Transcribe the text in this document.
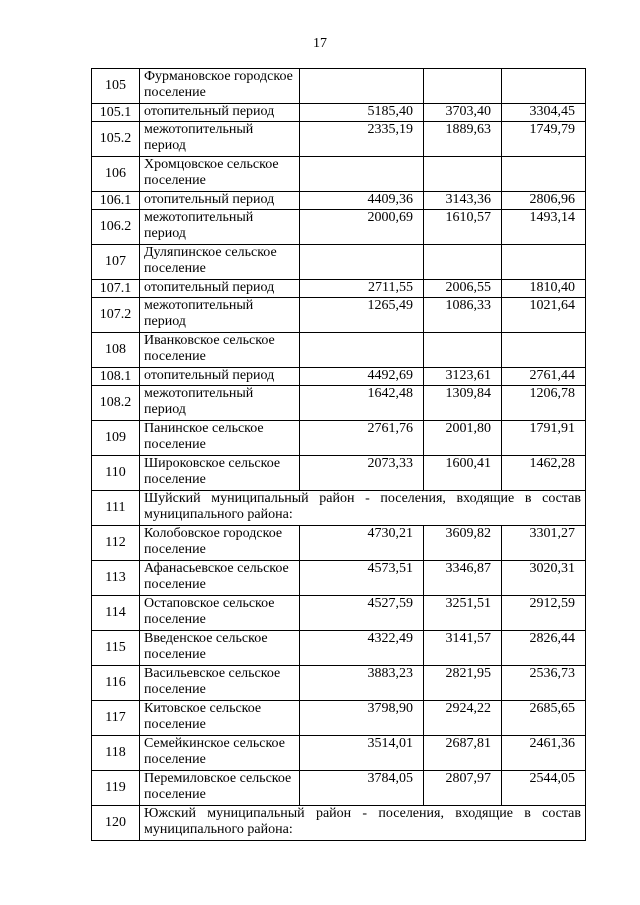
17
105	Фурмановское городское поселение			
105.1	отопительный период	5185,40	3703,40	3304,45
105.2	межотопительный период	2335,19	1889,63	1749,79
106	Хромцовское сельское поселение			
106.1	отопительный период	4409,36	3143,36	2806,96
106.2	межотопительный период	2000,69	1610,57	1493,14
107	Дуляпинское сельское поселение			
107.1	отопительный период	2711,55	2006,55	1810,40
107.2	межотопительный период	1265,49	1086,33	1021,64
108	Иванковское сельское поселение			
108.1	отопительный период	4492,69	3123,61	2761,44
108.2	межотопительный период	1642,48	1309,84	1206,78
109	Панинское сельское поселение	2761,76	2001,80	1791,91
110	Широковское сельское поселение	2073,33	1600,41	1462,28
111	Шуйский муниципальный район - поселения, входящие в состав муниципального района:			
112	Колобовское городское поселение	4730,21	3609,82	3301,27
113	Афанасьевское сельское поселение	4573,51	3346,87	3020,31
114	Остаповское сельское поселение	4527,59	3251,51	2912,59
115	Введенское сельское поселение	4322,49	3141,57	2826,44
116	Васильевское сельское поселение	3883,23	2821,95	2536,73
117	Китовское сельское поселение	3798,90	2924,22	2685,65
118	Семейкинское сельское поселение	3514,01	2687,81	2461,36
119	Перемиловское сельское поселение	3784,05	2807,97	2544,05
120	Южский муниципальный район - поселения, входящие в состав муниципального района:			
